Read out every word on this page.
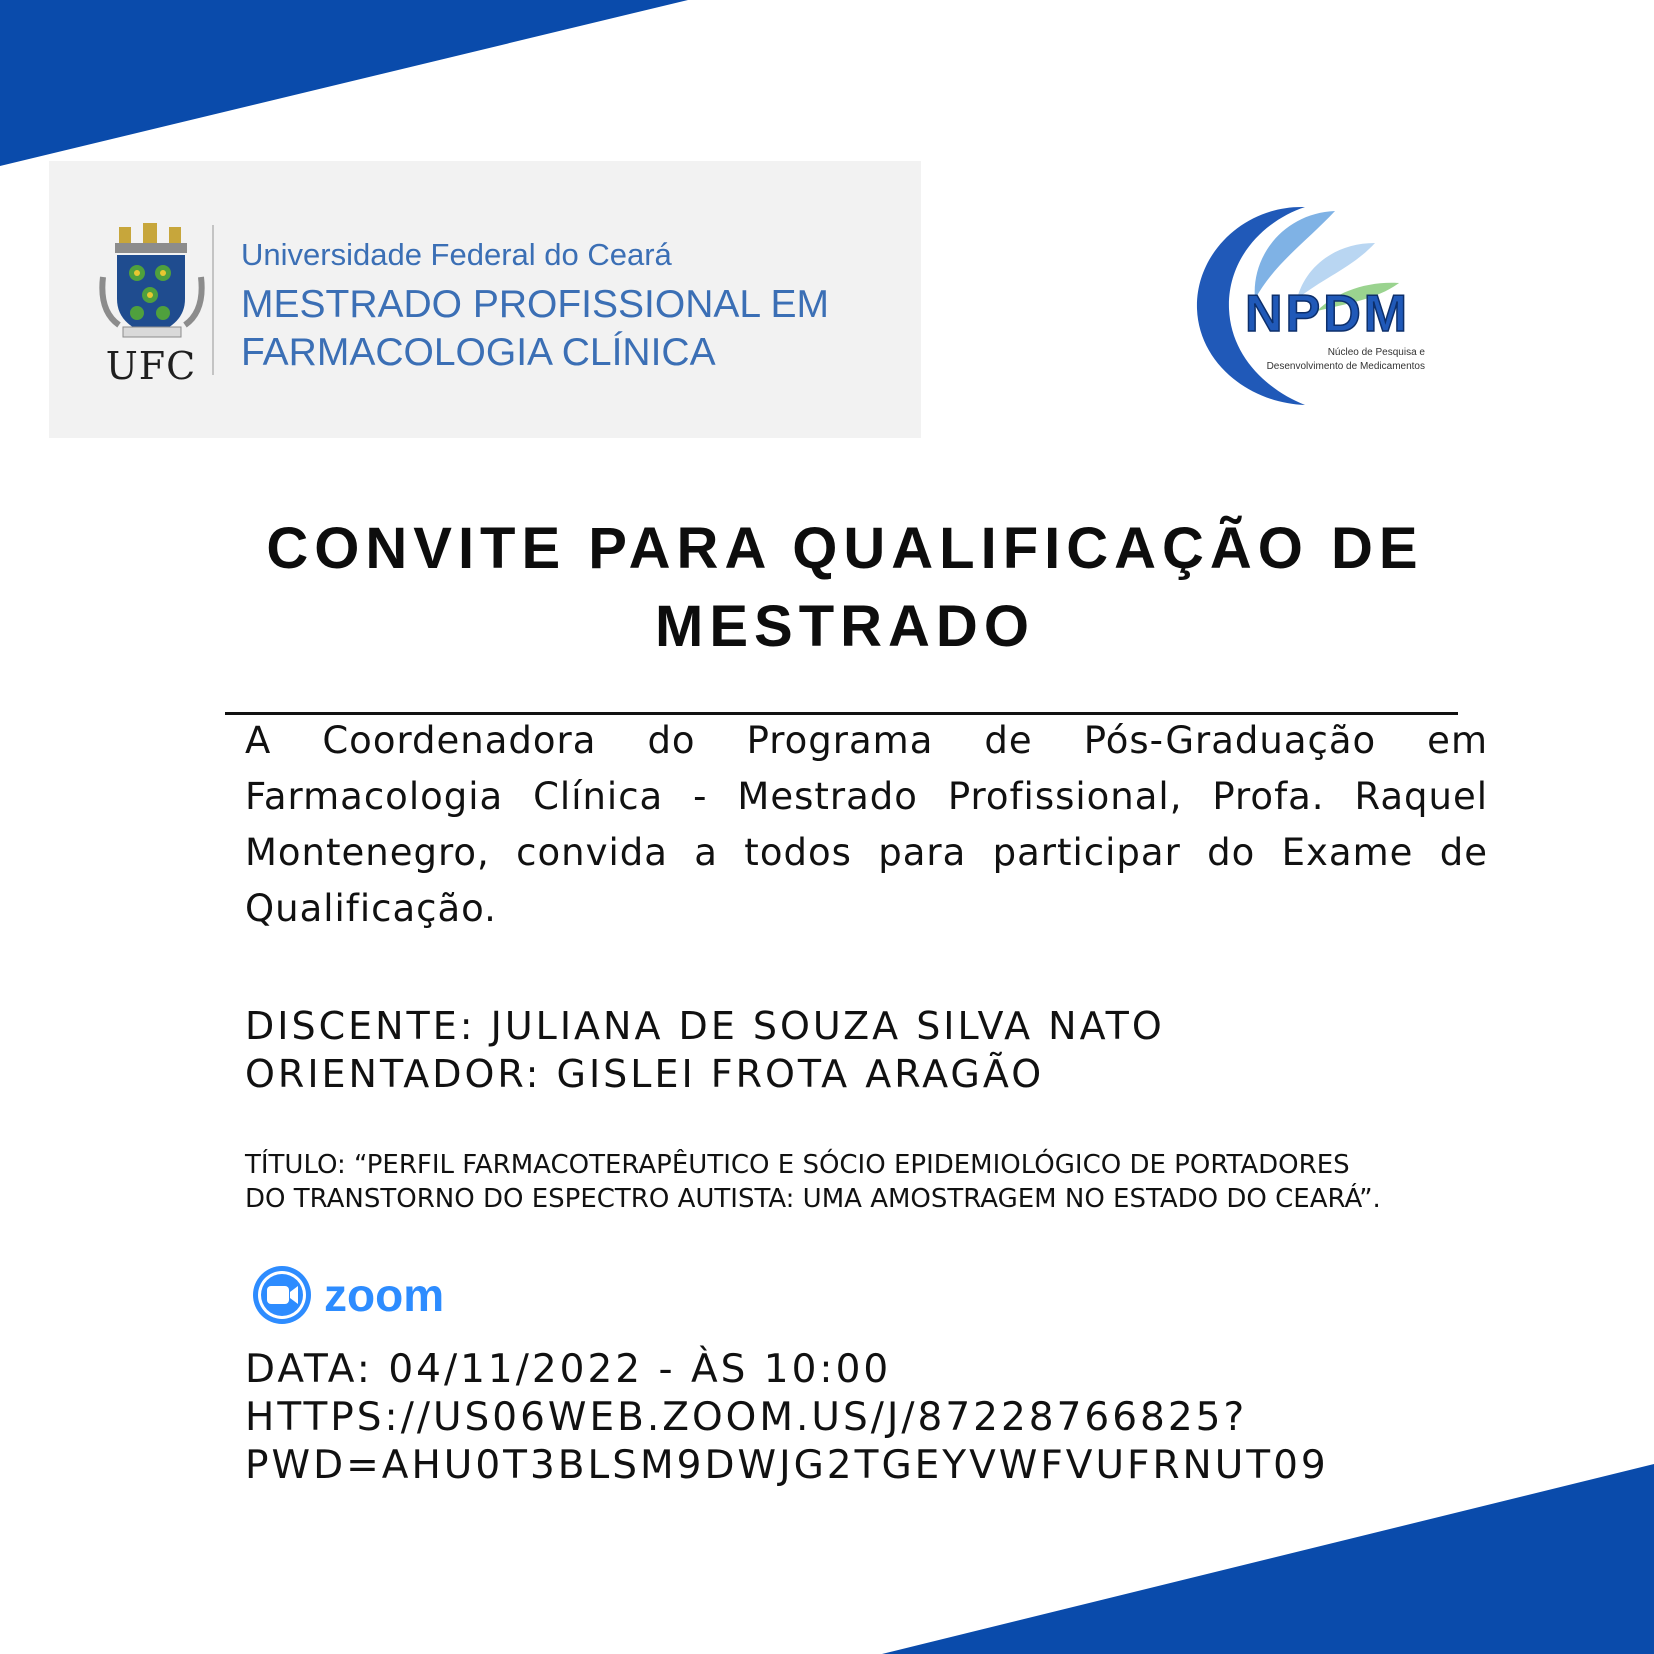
UFC
Universidade Federal do Ceará
MESTRADO PROFISSIONAL EM
FARMACOLOGIA CLÍNICA
NPDM
Núcleo de Pesquisa e
Desenvolvimento de Medicamentos
CONVITE PARA QUALIFICAÇÃO DE
MESTRADO
A Coordenadora do Programa de Pós-Graduação em Farmacologia Clínica - Mestrado Profissional, Profa. Raquel Montenegro, convida a todos para participar do Exame de Qualificação.
DISCENTE: JULIANA DE SOUZA SILVA NATO
ORIENTADOR: GISLEI FROTA ARAGÃO
TÍTULO: “PERFIL FARMACOTERAPÊUTICO E SÓCIO EPIDEMIOLÓGICO DE PORTADORES
DO TRANSTORNO DO ESPECTRO AUTISTA: UMA AMOSTRAGEM NO ESTADO DO CEARÁ”.
zoom
DATA: 04/11/2022 - ÀS 10:00
HTTPS://US06WEB.ZOOM.US/J/87228766825?
PWD=AHU0T3BLSM9DWJG2TGEYVWFVUFRNUT09
